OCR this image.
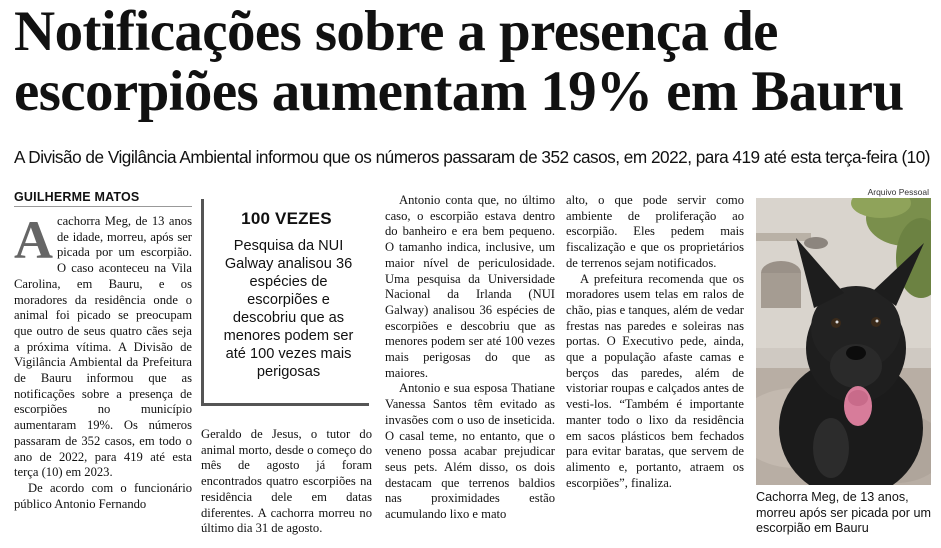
Notificações sobre a presença de
escorpiões aumentam 19% em Bauru

A Divisão de Vigilância Ambiental informou que os números passaram de 352 casos, em 2022, para 419 até esta terça-feira (10)

GUILHERME MATOS

Acachorra Meg, de 13 anos de idade, morreu, após ser picada por um escorpião. O caso aconteceu na Vila Carolina, em Bauru, e os moradores da residência onde o animal foi picado se preocupam que outro de seus quatro cães seja a próxima vítima. A Divisão de Vigilância Ambiental da Prefeitura de Bauru informou que as notificações sobre a presença de escorpiões no município aumentaram 19%. Os números passaram de 352 casos, em todo o ano de 2022, para 419 até esta terça (10) em 2023.

De acordo com o funcionário público Antonio Fernando

100 VEZES
Pesquisa da NUI Galway analisou 36 espécies de escorpiões e descobriu que as menores podem ser até 100 vezes mais perigosas

Geraldo de Jesus, o tutor do animal morto, desde o começo do mês de agosto já foram encontrados quatro escorpiões na residência dele em datas diferentes. A cachorra morreu no último dia 31 de agosto.

Antonio conta que, no último caso, o escorpião estava dentro do banheiro e era bem pequeno. O tamanho indica, inclusive, um maior nível de periculosidade. Uma pesquisa da Universidade Nacional da Irlanda (NUI Galway) analisou 36 espécies de escorpiões e descobriu que as menores podem ser até 100 vezes mais perigosas do que as maiores.

Antonio e sua esposa Thatiane Vanessa Santos têm evitado as invasões com o uso de inseticida. O casal teme, no entanto, que o veneno possa acabar prejudicar seus pets. Além disso, os dois destacam que terrenos baldios nas proximidades estão acumulando lixo e mato

alto, o que pode servir como ambiente de proliferação ao escorpião. Eles pedem mais fiscalização e que os proprietários de terrenos sejam notificados.

A prefeitura recomenda que os moradores usem telas em ralos de chão, pias e tanques, além de vedar frestas nas paredes e soleiras nas portas. O Executivo pede, ainda, que a população afaste camas e berços das paredes, além de vistoriar roupas e calçados antes de vesti-los. “Também é importante manter todo o lixo da residência em sacos plásticos bem fechados para evitar baratas, que servem de alimento e, portanto, atraem os escorpiões”, finaliza.

Arquivo Pessoal
Cachorra Meg, de 13 anos, morreu após ser picada por um escorpião em Bauru
